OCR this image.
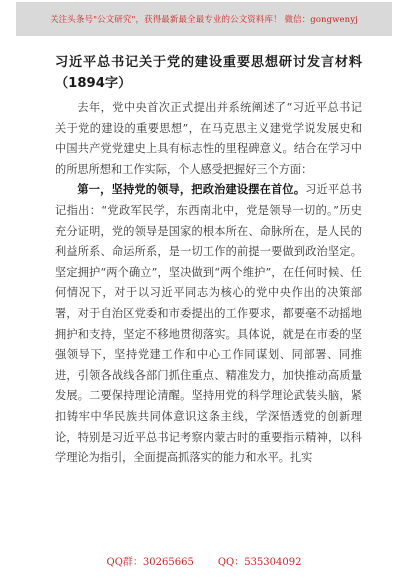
关注头条号"公文研究"，获得最新最全最专业的公文资料库！ 微信：gongwenyj
习近平总书记关于党的建设重要思想研讨发言材料（1894字）

去年，党中央首次正式提出并系统阐述了“习近平总书记关于党的建设的重要思想”，在马克思主义建党学说发展史和中国共产党党建史上具有标志性的里程碑意义。结合在学习中的所思所想和工作实际，个人感受把握好三个方面：

第一，坚持党的领导，把政治建设摆在首位。习近平总书记指出：“党政军民学，东西南北中，党是领导一切的。”历史充分证明，党的领导是国家的根本所在、命脉所在，是人民的利益所系、命运所系，是一切工作的前提一要做到政治坚定。坚定拥护“两个确立”，坚决做到“两个维护”，在任何时候、任何情况下，对于以习近平同志为核心的党中央作出的决策部署，对于自治区党委和市委提出的工作要求，都要毫不动摇地拥护和支持，坚定不移地贯彻落实。具体说，就是在市委的坚强领导下，坚持党建工作和中心工作同谋划、同部署、同推进，引领各战线各部门抓住重点、精准发力，加快推动高质量发展。二要保持理论清醒。坚持用党的科学理论武装头脑，紧扣铸牢中华民族共同体意识这条主线，学深悟透党的创新理论，特别是习近平总书记考察内蒙古时的重要指示精神，以科学理论为指引，全面提高抓落实的能力和水平。扎实

QQ群：30265665 QQ：535304092
